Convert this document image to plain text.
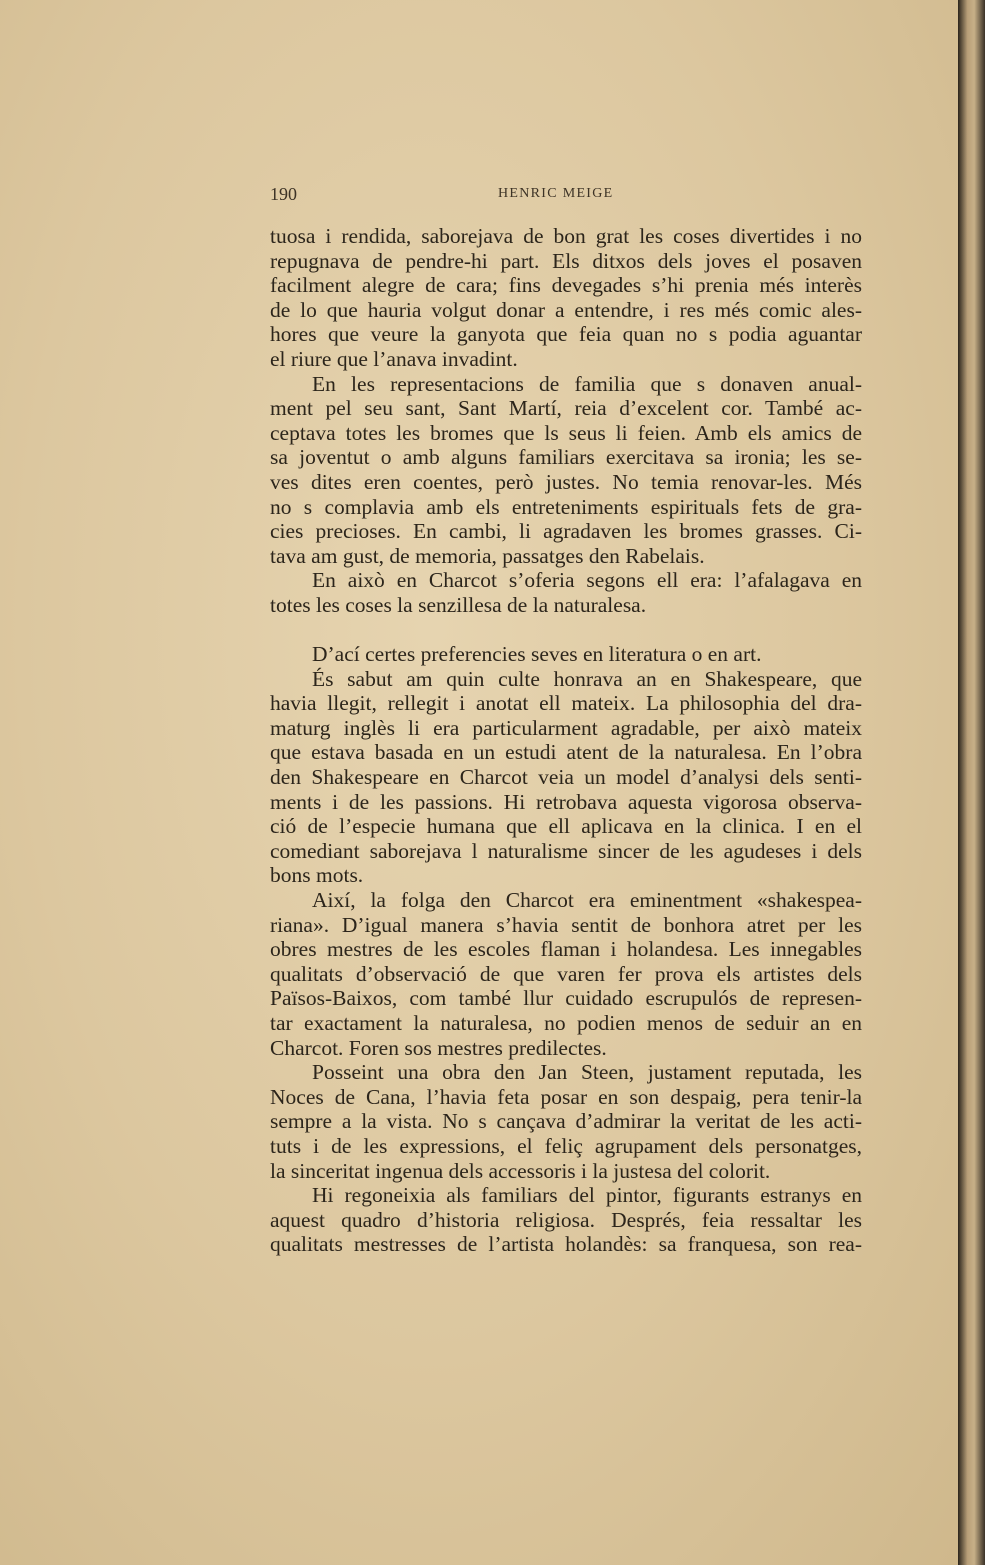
190	HENRIC MEIGE
tuosa i rendida, saborejava de bon grat les coses divertides i no
repugnava de pendre-hi part. Els ditxos dels joves el posaven
facilment alegre de cara; fins devegades s’hi prenia més interès
de lo que hauria volgut donar a entendre, i res més comic ales-
hores que veure la ganyota que feia quan no s podia aguantar
el riure que l’anava invadint.
En les representacions de familia que s donaven anual-
ment pel seu sant, Sant Martí, reia d’excelent cor. També ac-
ceptava totes les bromes que ls seus li feien. Amb els amics de
sa joventut o amb alguns familiars exercitava sa ironia; les se-
ves dites eren coentes, però justes. No temia renovar-les. Més
no s complavia amb els entreteniments espirituals fets de gra-
cies precioses. En cambi, li agradaven les bromes grasses. Ci-
tava am gust, de memoria, passatges den Rabelais.
En això en Charcot s’oferia segons ell era: l’afalagava en
totes les coses la senzillesa de la naturalesa.
D’ací certes preferencies seves en literatura o en art.
És sabut am quin culte honrava an en Shakespeare, que
havia llegit, rellegit i anotat ell mateix. La philosophia del dra-
maturg inglès li era particularment agradable, per això mateix
que estava basada en un estudi atent de la naturalesa. En l’obra
den Shakespeare en Charcot veia un model d’analysi dels senti-
ments i de les passions. Hi retrobava aquesta vigorosa observa-
ció de l’especie humana que ell aplicava en la clinica. I en el
comediant saborejava l naturalisme sincer de les agudeses i dels
bons mots.
Així, la folga den Charcot era eminentment «shakespea-
riana». D’igual manera s’havia sentit de bonhora atret per les
obres mestres de les escoles flaman i holandesa. Les innegables
qualitats d’observació de que varen fer prova els artistes dels
Països-Baixos, com també llur cuidado escrupulós de represen-
tar exactament la naturalesa, no podien menos de seduir an en
Charcot. Foren sos mestres predilectes.
Posseint una obra den Jan Steen, justament reputada, les
Noces de Cana, l’havia feta posar en son despaig, pera tenir-la
sempre a la vista. No s cançava d’admirar la veritat de les acti-
tuts i de les expressions, el feliç agrupament dels personatges,
la sinceritat ingenua dels accessoris i la justesa del colorit.
Hi regoneixia als familiars del pintor, figurants estranys en
aquest quadro d’historia religiosa. Després, feia ressaltar les
qualitats mestresses de l’artista holandès: sa franquesa, son rea-
